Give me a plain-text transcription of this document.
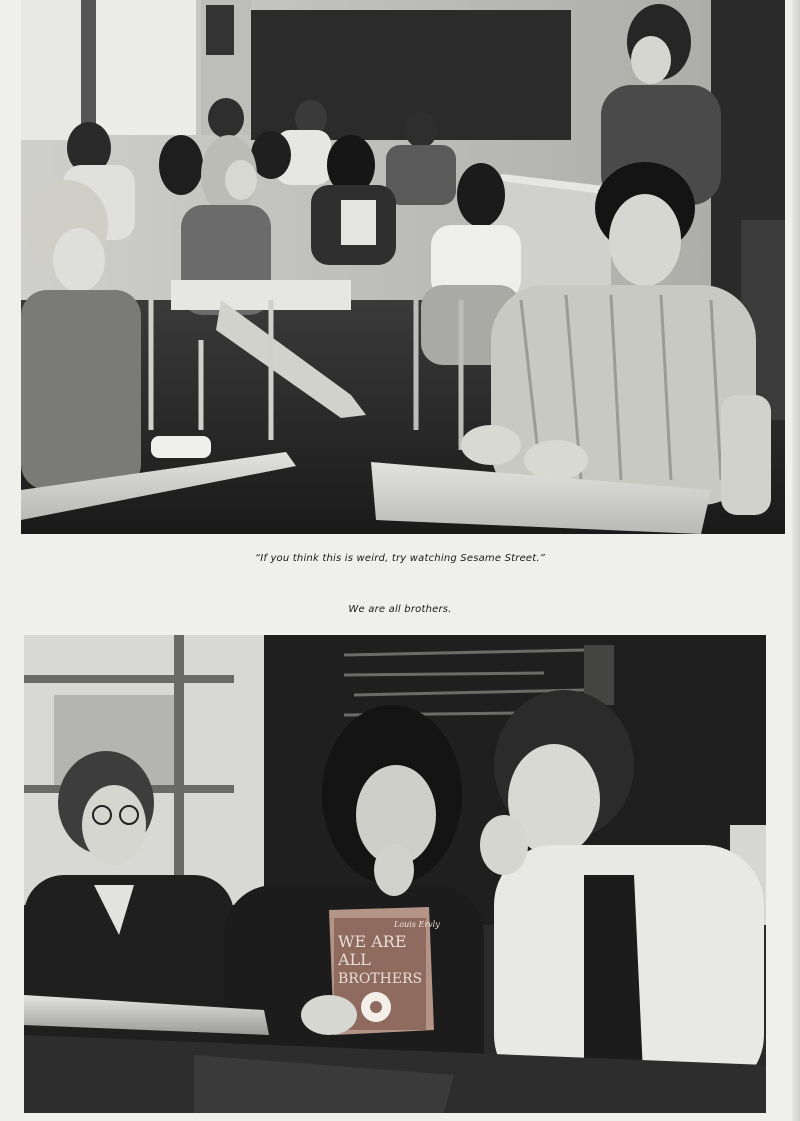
“If you think this is weird, try watching Sesame Street.”
We are all brothers.
Louis Ervly
WE ARE
ALL
BROTHERS
